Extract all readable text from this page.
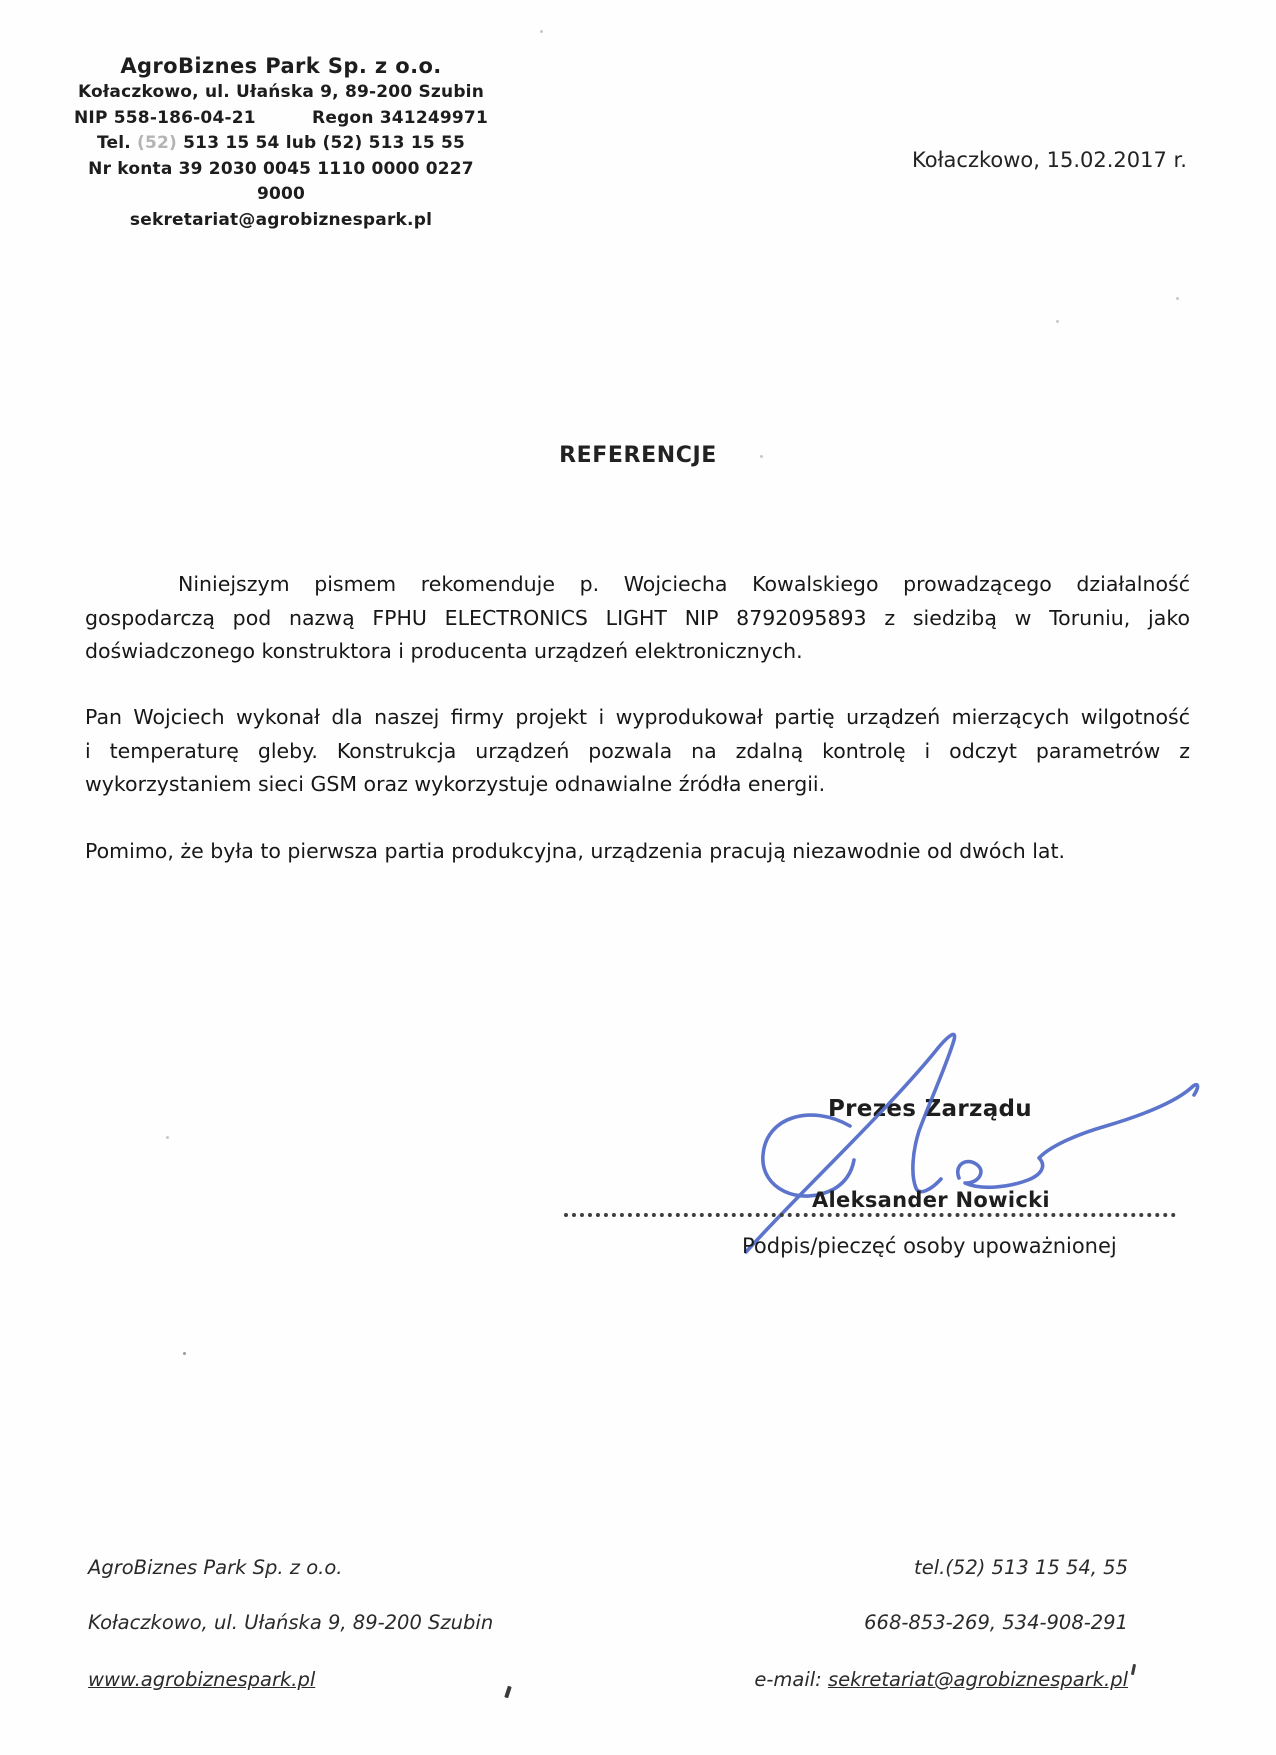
AgroBiznes Park Sp. z o.o.
Kołaczkowo, ul. Ułańska 9, 89-200 Szubin
NIP 558-186-04-21	Regon 341249971
Tel. (52) 513 15 54 lub (52) 513 15 55
Nr konta 39 2030 0045 1110 0000 0227 9000
sekretariat@agrobiznespark.pl
Kołaczkowo, 15.02.2017 r.
REFERENCJE
Niniejszym pismem rekomenduje p. Wojciecha Kowalskiego prowadzącego działalność
gospodarczą pod nazwą FPHU ELECTRONICS LIGHT NIP 8792095893 z siedzibą w Toruniu, jako
doświadczonego konstruktora i producenta urządzeń elektronicznych.
Pan Wojciech wykonał dla naszej firmy projekt i wyprodukował partię urządzeń mierzących wilgotność
i temperaturę gleby. Konstrukcja urządzeń pozwala na zdalną kontrolę i odczyt parametrów z
wykorzystaniem sieci GSM oraz wykorzystuje odnawialne źródła energii.
Pomimo, że była to pierwsza partia produkcyjna, urządzenia pracują niezawodnie od dwóch lat.
Prezes Zarządu
Aleksander Nowicki
Podpis/pieczęć osoby upoważnionej
AgroBiznes Park Sp. z o.o.
Kołaczkowo, ul. Ułańska 9, 89-200 Szubin
www.agrobiznespark.pl
tel.(52) 513 15 54, 55
668-853-269, 534-908-291
e-mail: sekretariat@agrobiznespark.pl
